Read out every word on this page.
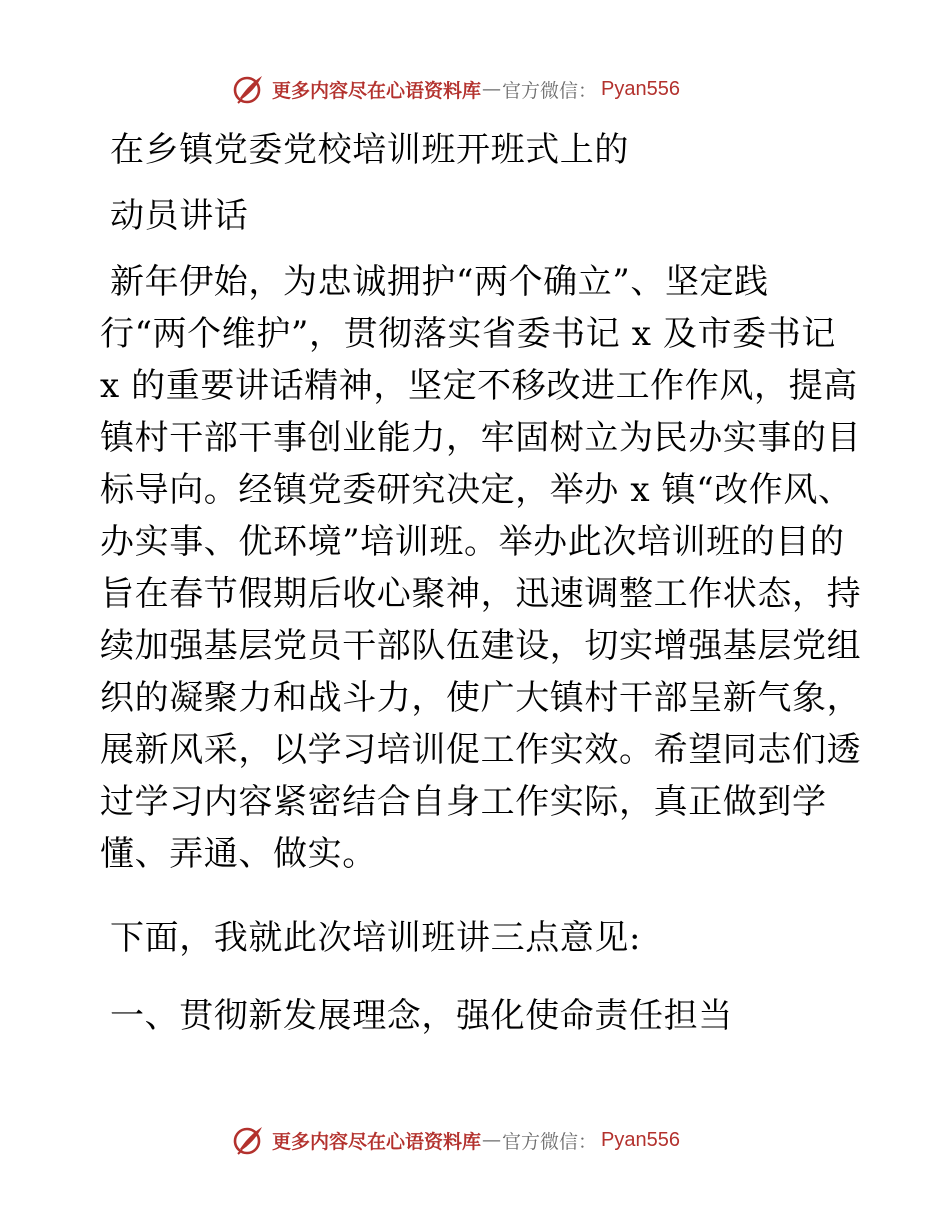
更多内容尽在心语资料库 — 官方微信： Pyan556
在乡镇党委党校培训班开班式上的
动员讲话
新年伊始，为忠诚拥护“两个确立”、坚定践
行“两个维护”，贯彻落实省委书记 x 及市委书记
x 的重要讲话精神，坚定不移改进工作作风，提高
镇村干部干事创业能力，牢固树立为民办实事的目
标导向。经镇党委研究决定，举办 x 镇“改作风、
办实事、优环境”培训班。举办此次培训班的目的
旨在春节假期后收心聚神，迅速调整工作状态，持
续加强基层党员干部队伍建设，切实增强基层党组
织的凝聚力和战斗力，使广大镇村干部呈新气象，
展新风采，以学习培训促工作实效。希望同志们透
过学习内容紧密结合自身工作实际，真正做到学
懂、弄通、做实。
下面，我就此次培训班讲三点意见:
一、贯彻新发展理念，强化使命责任担当
更多内容尽在心语资料库 — 官方微信： Pyan556
